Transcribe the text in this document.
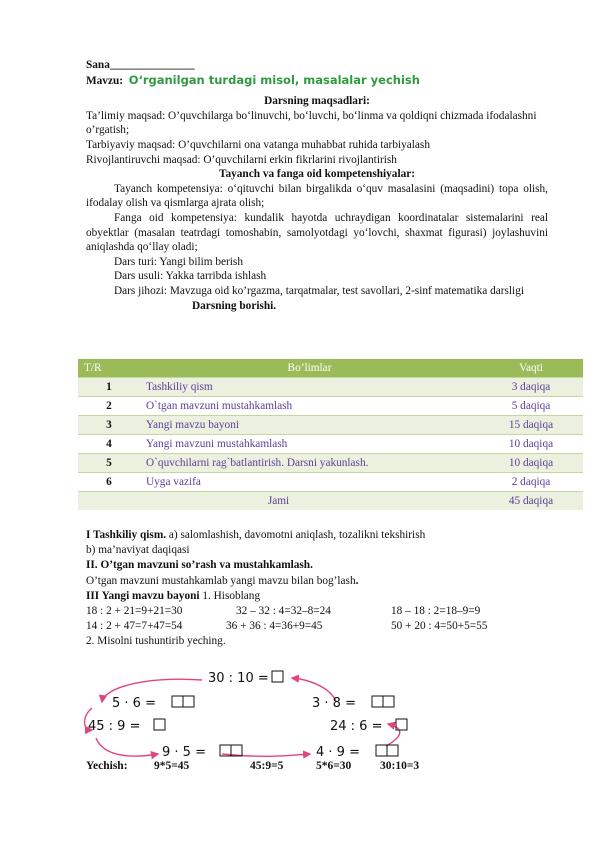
Sana_______________
Mavzu: O‘rganilgan turdagi misol, masalalar yechish
Darsning maqsadlari:
Ta’limiy maqsad: O’quvchilarga bo‘linuvchi, bo‘luvchi, bo‘linma va qoldiqni chizmada ifodalashni o’rgatish;
Tarbiyaviy maqsad: O’quvchilarni ona vatanga muhabbat ruhida tarbiyalash
Rivojlantiruvchi maqsad: O’quvchilarni erkin fikrlarini rivojlantirish
Tayanch va fanga oid kompetenshiyalar:
Tayanch kompetensiya: o‘qituvchi bilan birgalikda o‘quv masalasini (maqsadini) topa olish, ifodalay olish va qismlarga ajrata olish;
Fanga oid kompetensiya: kundalik hayotda uchraydigan koordinatalar sistemalarini real obyektlar (masalan teatrdagi tomoshabin, samolyotdagi yo‘lovchi, shaxmat figurasi) joylashuvini aniqlashda qo‘llay oladi;
Dars turi: Yangi bilim berish
Dars usuli: Yakka tarribda ishlash
Dars jihozi: Mavzuga oid ko’rgazma, tarqatmalar, test savollari, 2-sinf matematika darsligi
Darsning borishi.
T/R	Bo’limlar	Vaqti
1	Tashkiliy qism	3 daqiqa
2	O`tgan mavzuni mustahkamlash	5 daqiqa
3	Yangi mavzu bayoni	15 daqiqa
4	Yangi mavzuni mustahkamlash	10 daqiqa
5	O`quvchilarni rag`batlantirish. Darsni yakunlash.	10 daqiqa
6	Uyga vazifa	2 daqiqa
Jami		45 daqiqa
I Tashkiliy qism. a) salomlashish, davomotni aniqlash, tozalikni tekshirish
b) ma’naviyat daqiqasi
II. O’tgan mavzuni so’rash va mustahkamlash.
O’tgan mavzuni mustahkamlab yangi mavzu bilan bog’lash.
III Yangi mavzu bayoni 1. Hisoblang
18 : 2 + 21=9+21=30	32 – 32 : 4=32–8=24	18 – 18 : 2=18–9=9
14 : 2 + 47=7+47=54	36 + 36 : 4=36+9=45	50 + 20 : 4=50+5=55
2. Misolni tushuntirib yeching.
30 : 10 =
5 · 6 =
45 : 9 =
9 · 5 =
3 · 8 =
24 : 6 =
4 · 9 =
Yechish: 9*5=45	45:9=5	5*6=30 30:10=3
